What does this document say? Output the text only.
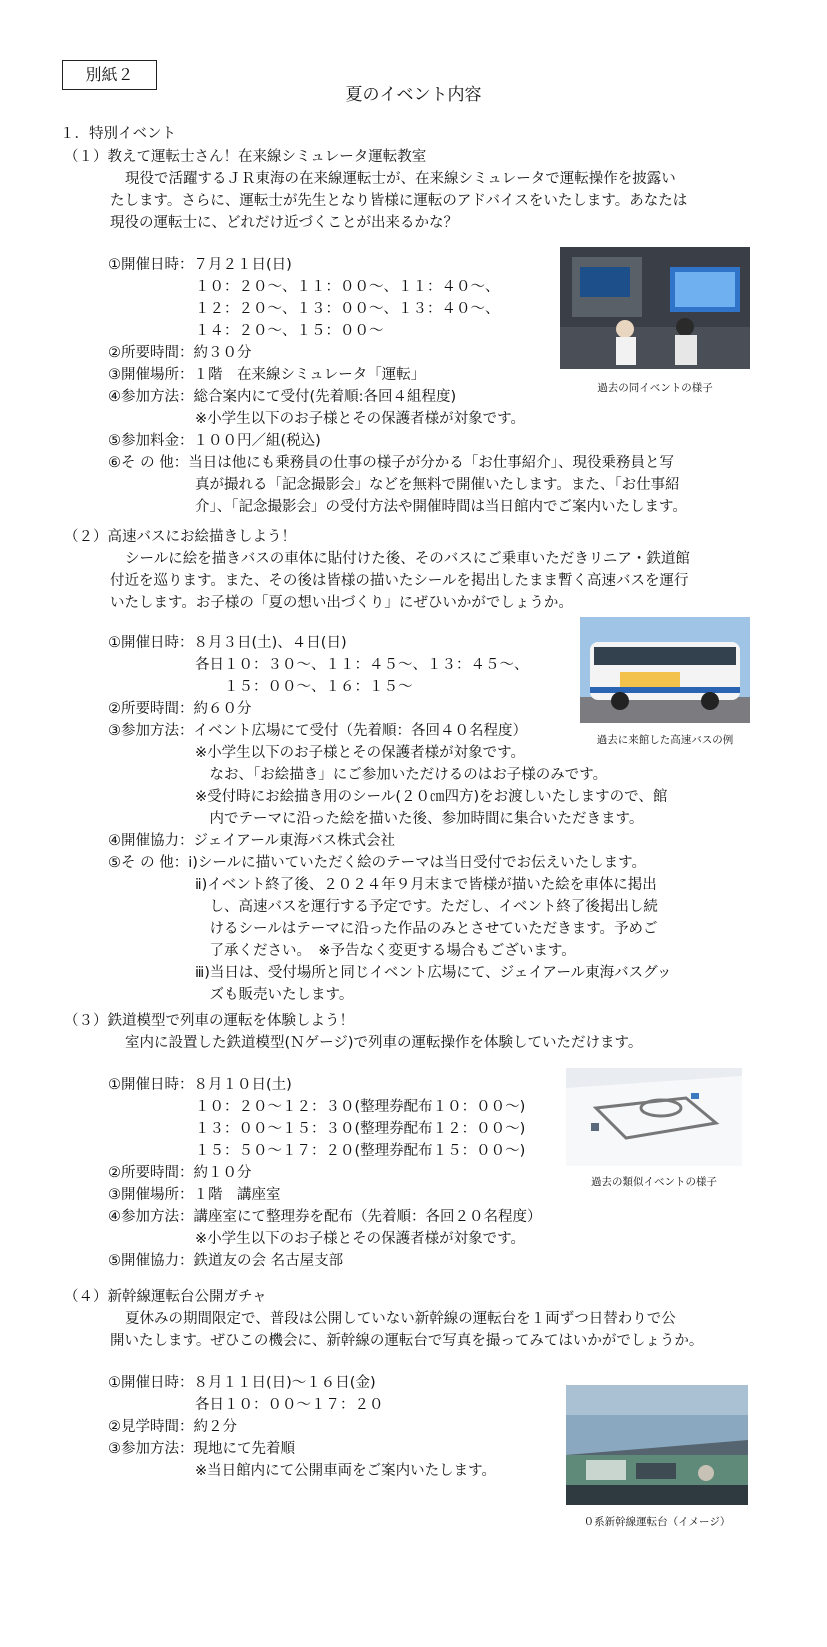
別紙２
夏のイベント内容
１．特別イベント
（１）教えて運転士さん！在来線シミュレータ運転教室
現役で活躍するＪＲ東海の在来線運転士が、在来線シミュレータで運転操作を披露い
たします。さらに、運転士が先生となり皆様に運転のアドバイスをいたします。あなたは
現役の運転士に、どれだけ近づくことが出来るかな？
①開催日時：７月２１日(日)
　　　　　　１０：２０～、１１：００～、１１：４０～、
　　　　　　１２：２０～、１３：００～、１３：４０～、
　　　　　　１４：２０～、１５：００～
②所要時間：約３０分
③開催場所：１階　在来線シミュレータ「運転」
④参加方法：総合案内にて受付(先着順:各回４組程度)
　　　　　　※小学生以下のお子様とその保護者様が対象です。
⑤参加料金：１００円／組(税込)
⑥そ の 他：当日は他にも乗務員の仕事の様子が分かる「お仕事紹介」、現役乗務員と写
　　　　　　真が撮れる「記念撮影会」などを無料で開催いたします。また、「お仕事紹
　　　　　　介」、「記念撮影会」の受付方法や開催時間は当日館内でご案内いたします。
過去の同イベントの様子
（２）高速バスにお絵描きしよう！
シールに絵を描きバスの車体に貼付けた後、そのバスにご乗車いただきリニア・鉄道館
付近を巡ります。また、その後は皆様の描いたシールを掲出したまま暫く高速バスを運行
いたします。お子様の「夏の想い出づくり」にぜひいかがでしょうか。
①開催日時：８月３日(土)、４日(日)
　　　　　　各日１０：３０～、１１：４５～、１３：４５～、
　　　　　　　　１５：００～、１６：１５～
②所要時間：約６０分
③参加方法：イベント広場にて受付（先着順：各回４０名程度）
　　　　　　※小学生以下のお子様とその保護者様が対象です。
　　　　　　　なお、「お絵描き」にご参加いただけるのはお子様のみです。
　　　　　　※受付時にお絵描き用のシール(２０㎝四方)をお渡しいたしますので、館
　　　　　　　内でテーマに沿った絵を描いた後、参加時間に集合いただきます。
④開催協力：ジェイアール東海バス株式会社
⑤そ の 他：ⅰ)シールに描いていただく絵のテーマは当日受付でお伝えいたします。
　　　　　　ⅱ)イベント終了後、２０２４年９月末まで皆様が描いた絵を車体に掲出
　　　　　　　し、高速バスを運行する予定です。ただし、イベント終了後掲出し続
　　　　　　　けるシールはテーマに沿った作品のみとさせていただきます。予めご
　　　　　　　了承ください。　※予告なく変更する場合もございます。
　　　　　　ⅲ)当日は、受付場所と同じイベント広場にて、ジェイアール東海バスグッ
　　　　　　　ズも販売いたします。
過去に来館した高速バスの例
（３）鉄道模型で列車の運転を体験しよう！
室内に設置した鉄道模型(Ｎゲージ)で列車の運転操作を体験していただけます。
①開催日時：８月１０日(土)
　　　　　　１０：２０～１２：３０(整理券配布１０：００～)
　　　　　　１３：００～１５：３０(整理券配布１２：００～)
　　　　　　１５：５０～１７：２０(整理券配布１５：００～)
②所要時間：約１０分
③開催場所：１階　講座室
④参加方法：講座室にて整理券を配布（先着順：各回２０名程度）
　　　　　　※小学生以下のお子様とその保護者様が対象です。
⑤開催協力：鉄道友の会 名古屋支部
過去の類似イベントの様子
（４）新幹線運転台公開ガチャ
夏休みの期間限定で、普段は公開していない新幹線の運転台を１両ずつ日替わりで公
開いたします。ぜひこの機会に、新幹線の運転台で写真を撮ってみてはいかがでしょうか。
①開催日時：８月１１日(日)～１６日(金)
　　　　　　各日１０：００～１７：２０
②見学時間：約２分
③参加方法：現地にて先着順
　　　　　　※当日館内にて公開車両をご案内いたします。
０系新幹線運転台（イメージ）
